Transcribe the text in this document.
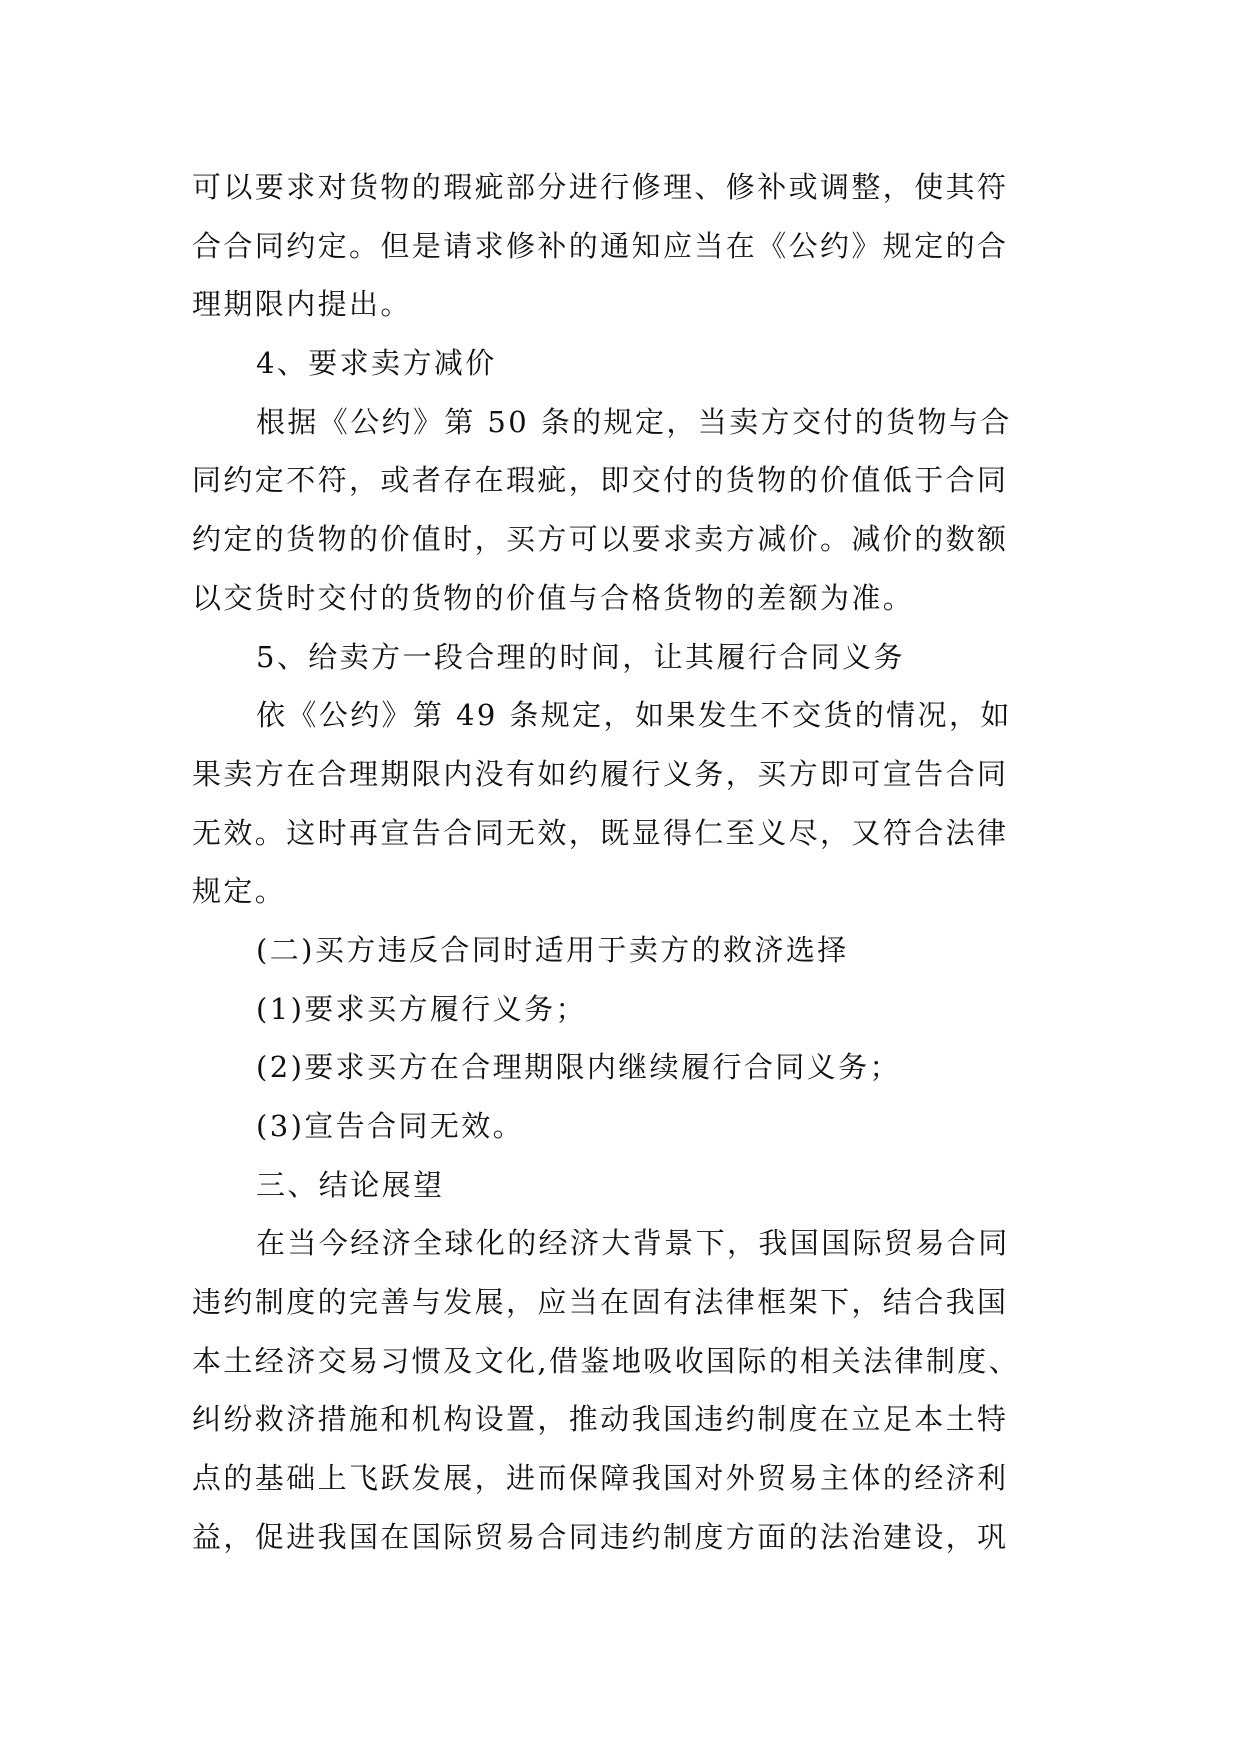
可以要求对货物的瑕疵部分进行修理、修补或调整，使其符
合合同约定。但是请求修补的通知应当在《公约》规定的合
理期限内提出。
4、要求卖方减价
根据《公约》第 50 条的规定，当卖方交付的货物与合
同约定不符，或者存在瑕疵，即交付的货物的价值低于合同
约定的货物的价值时，买方可以要求卖方减价。减价的数额
以交货时交付的货物的价值与合格货物的差额为准。
5、给卖方一段合理的时间，让其履行合同义务
依《公约》第 49 条规定，如果发生不交货的情况，如
果卖方在合理期限内没有如约履行义务，买方即可宣告合同
无效。这时再宣告合同无效，既显得仁至义尽，又符合法律
规定。
(二)买方违反合同时适用于卖方的救济选择
(1)要求买方履行义务；
(2)要求买方在合理期限内继续履行合同义务；
(3)宣告合同无效。
三、结论展望
在当今经济全球化的经济大背景下，我国国际贸易合同
违约制度的完善与发展，应当在固有法律框架下，结合我国
本土经济交易习惯及文化,借鉴地吸收国际的相关法律制度、
纠纷救济措施和机构设置，推动我国违约制度在立足本土特
点的基础上飞跃发展，进而保障我国对外贸易主体的经济利
益，促进我国在国际贸易合同违约制度方面的法治建设，巩
